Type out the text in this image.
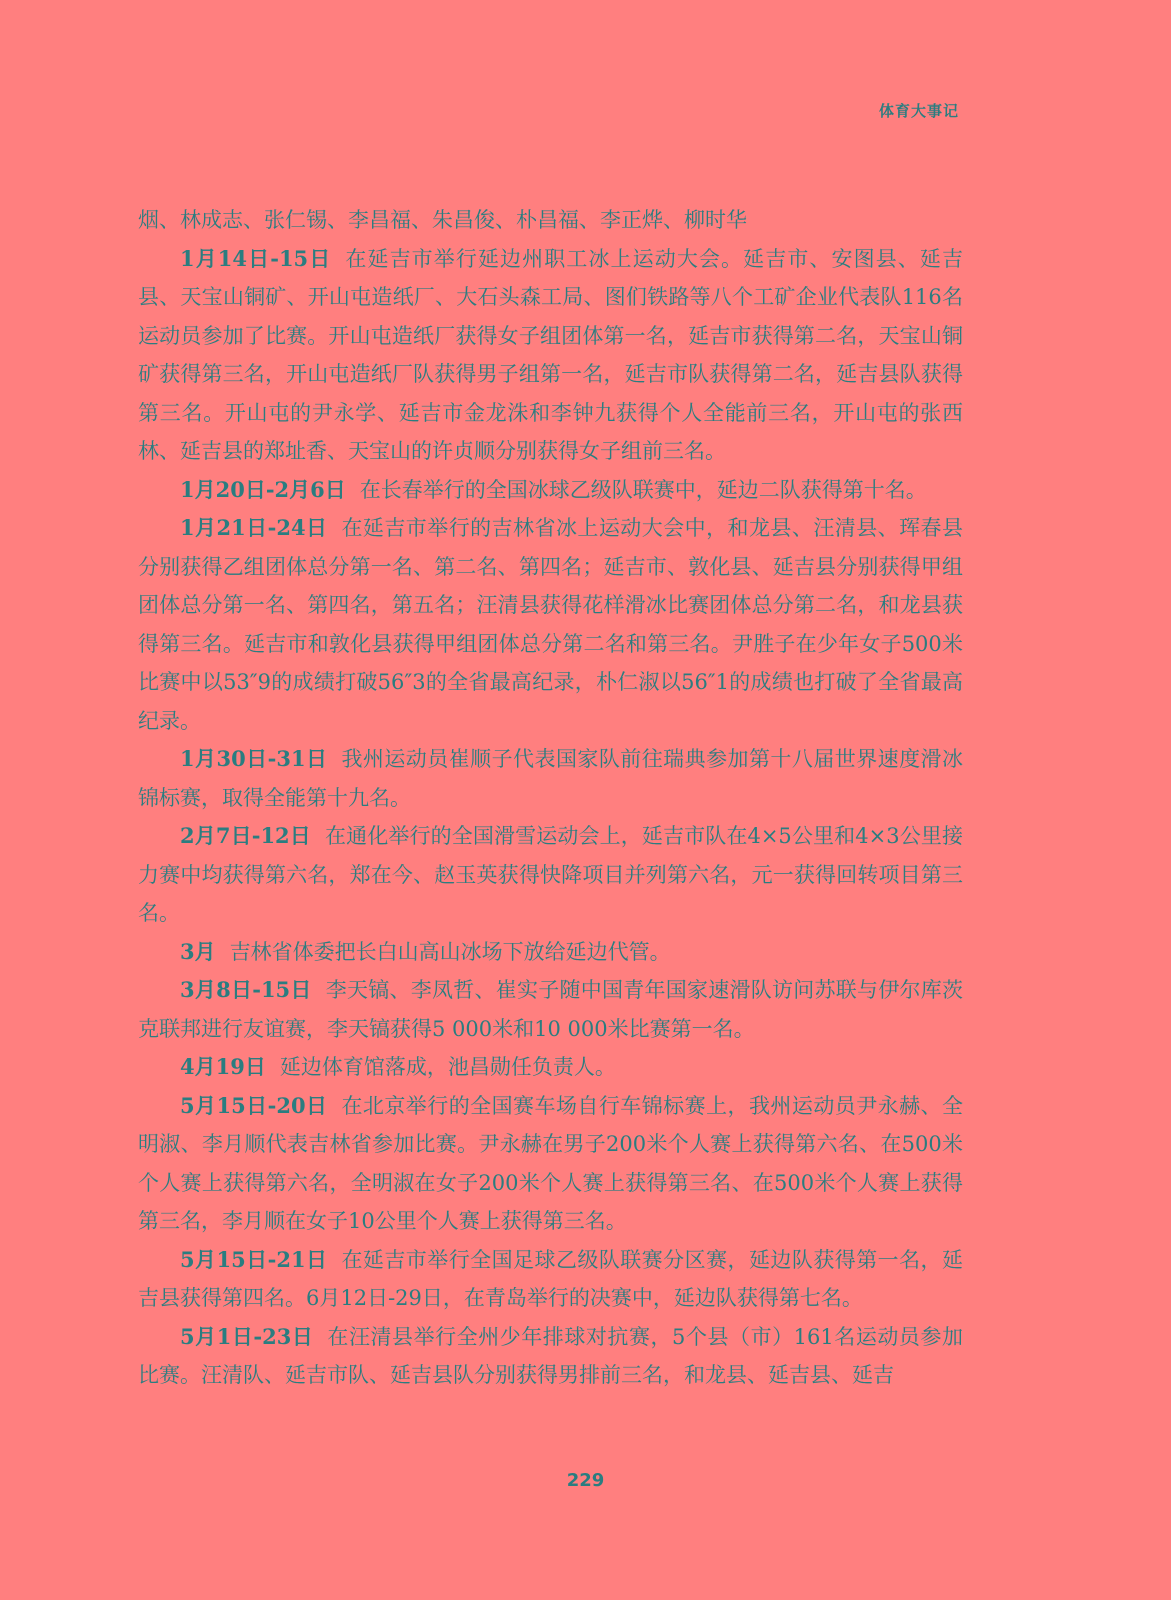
体育大事记

烟、林成志、张仁锡、李昌福、朱昌俊、朴昌福、李正烨、柳时华

1月14日-15日 在延吉市举行延边州职工冰上运动大会。延吉市、安图县、延吉县、天宝山铜矿、开山屯造纸厂、大石头森工局、图们铁路等八个工矿企业代表队116名运动员参加了比赛。开山屯造纸厂获得女子组团体第一名，延吉市获得第二名，天宝山铜矿获得第三名，开山屯造纸厂队获得男子组第一名，延吉市队获得第二名，延吉县队获得第三名。开山屯的尹永学、延吉市金龙洙和李钟九获得个人全能前三名，开山屯的张西林、延吉县的郑址香、天宝山的许贞顺分别获得女子组前三名。

1月20日-2月6日 在长春举行的全国冰球乙级队联赛中，延边二队获得第十名。

1月21日-24日 在延吉市举行的吉林省冰上运动大会中，和龙县、汪清县、珲春县分别获得乙组团体总分第一名、第二名、第四名；延吉市、敦化县、延吉县分别获得甲组团体总分第一名、第四名，第五名；汪清县获得花样滑冰比赛团体总分第二名，和龙县获得第三名。延吉市和敦化县获得甲组团体总分第二名和第三名。尹胜子在少年女子500米比赛中以53″9的成绩打破56″3的全省最高纪录，朴仁淑以56″1的成绩也打破了全省最高纪录。

1月30日-31日 我州运动员崔顺子代表国家队前往瑞典参加第十八届世界速度滑冰锦标赛，取得全能第十九名。

2月7日-12日 在通化举行的全国滑雪运动会上，延吉市队在4×5公里和4×3公里接力赛中均获得第六名，郑在今、赵玉英获得快降项目并列第六名，元一获得回转项目第三名。

3月 吉林省体委把长白山高山冰场下放给延边代管。

3月8日-15日 李天镐、李凤哲、崔实子随中国青年国家速滑队访问苏联与伊尔库茨克联邦进行友谊赛，李天镐获得5 000米和10 000米比赛第一名。

4月19日 延边体育馆落成，池昌勋任负责人。

5月15日-20日 在北京举行的全国赛车场自行车锦标赛上，我州运动员尹永赫、全明淑、李月顺代表吉林省参加比赛。尹永赫在男子200米个人赛上获得第六名、在500米个人赛上获得第六名，全明淑在女子200米个人赛上获得第三名、在500米个人赛上获得第三名，李月顺在女子10公里个人赛上获得第三名。

5月15日-21日 在延吉市举行全国足球乙级队联赛分区赛，延边队获得第一名，延吉县获得第四名。6月12日-29日，在青岛举行的决赛中，延边队获得第七名。

5月1日-23日 在汪清县举行全州少年排球对抗赛，5个县（市）161名运动员参加比赛。汪清队、延吉市队、延吉县队分别获得男排前三名，和龙县、延吉县、延吉

229
